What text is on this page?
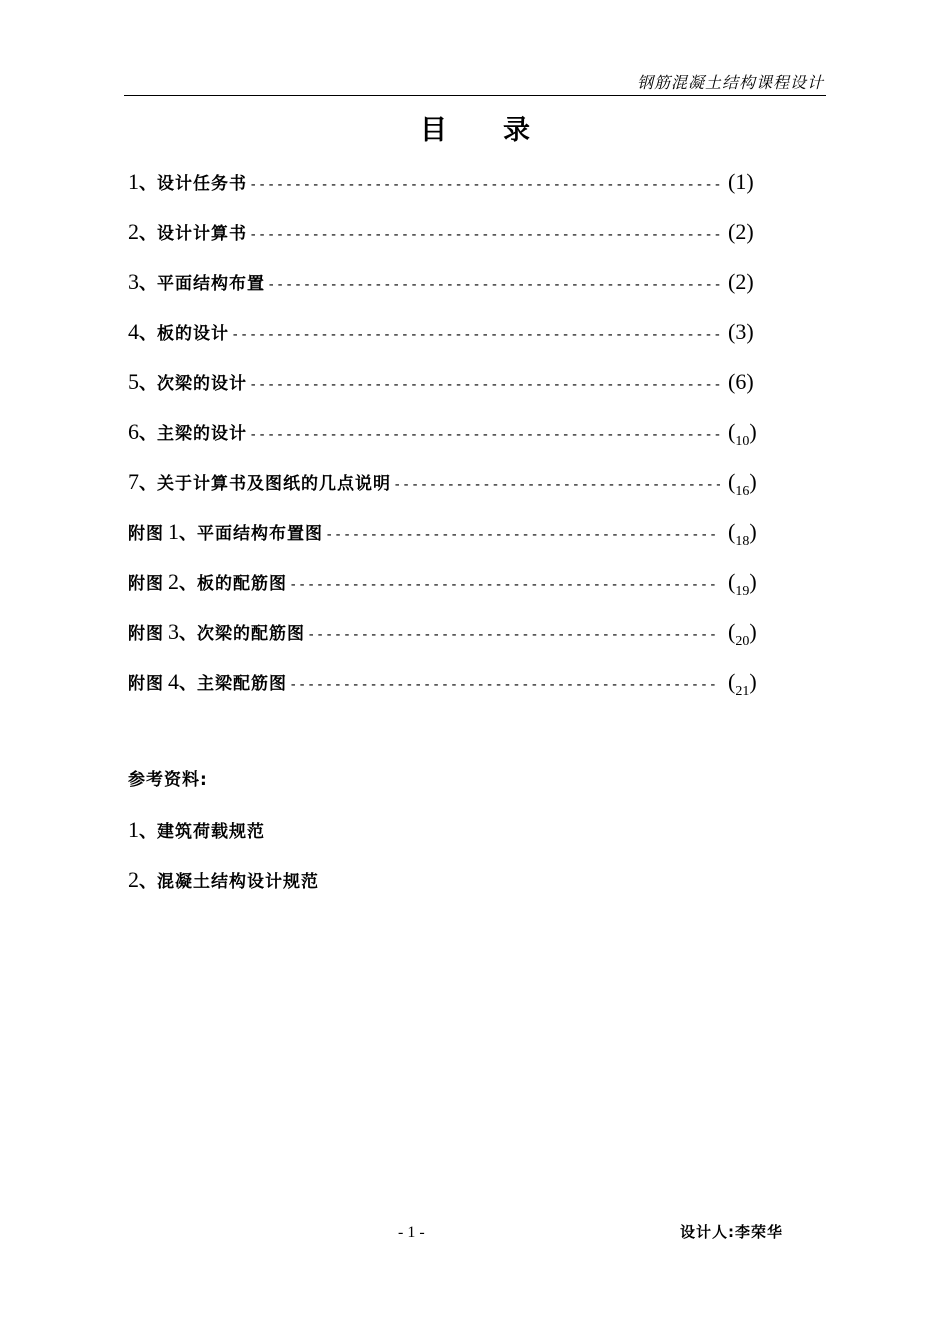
钢筋混凝土结构课程设计
目 录
1 、 设计任务书 -----	(1)
2 、 设计计算书 -----	(2)
3 、 平面结构布置 -----	(2)
4 、 板的设计 -----	(3)
5 、 次梁的设计 -----	(6)
6 、 主梁的设计 -----	$(_{10})$
7 、 关于计算书及图纸的几点说明 -----	$(_{16})$
附图 1 、 平面结构布置图 -----	$(_{18})$
附图 2 、 板的配筋图 -----	$(_{19})$
附图 3 、 次梁的配筋图 -----	$(_{20})$
附图 4 、 主梁配筋图 -----	$(_{21})$
参考资料:
1、建筑荷载规范
2、混凝土结构设计规范
- 1 -	设计人:李荣华
